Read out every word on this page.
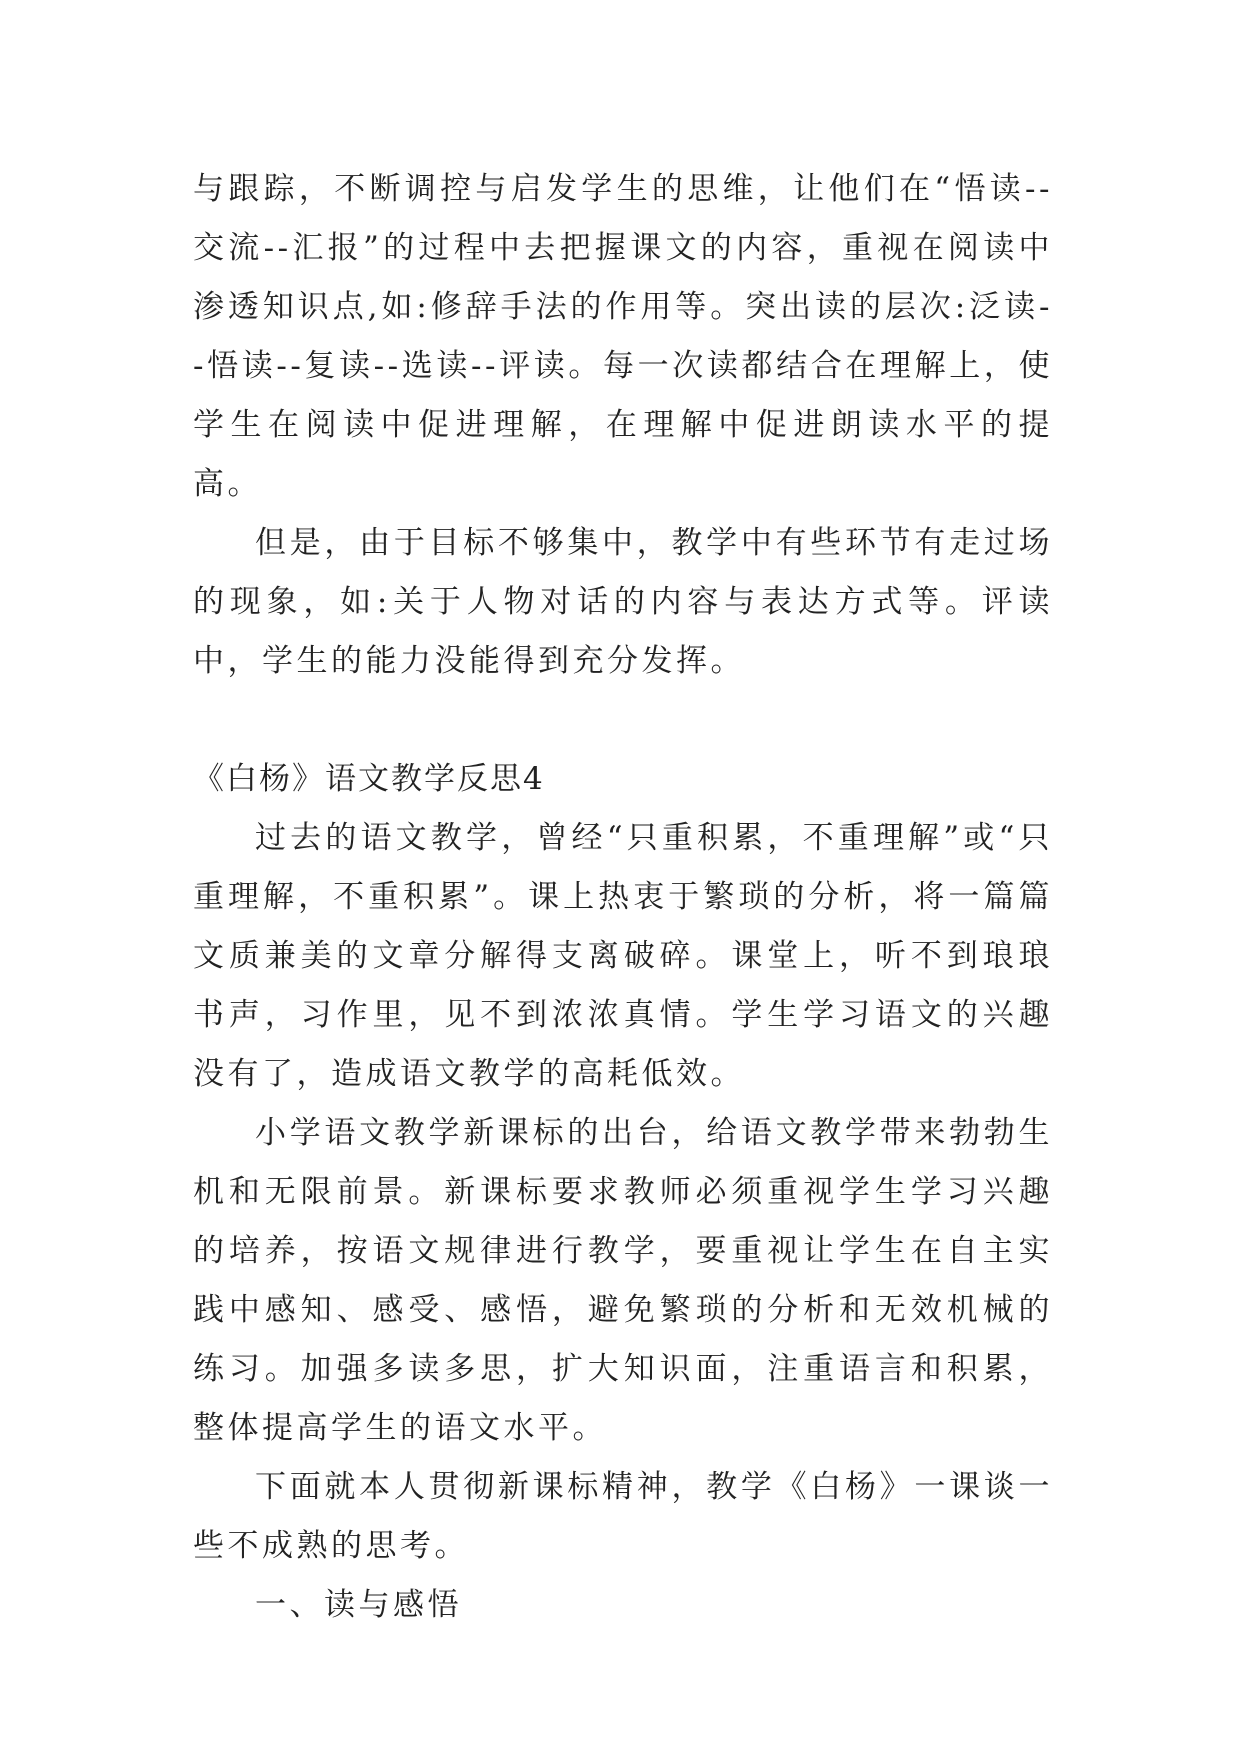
与跟踪，不断调控与启发学生的思维，让他们在“悟读--交流--汇报”的过程中去把握课文的内容，重视在阅读中渗透知识点,如:修辞手法的作用等。突出读的层次:泛读--悟读--复读--选读--评读。每一次读都结合在理解上，使学生在阅读中促进理解，在理解中促进朗读水平的提高。

但是，由于目标不够集中，教学中有些环节有走过场的现象，如:关于人物对话的内容与表达方式等。评读中，学生的能力没能得到充分发挥。

《白杨》语文教学反思4

过去的语文教学，曾经“只重积累，不重理解”或“只重理解，不重积累”。课上热衷于繁琐的分析，将一篇篇文质兼美的文章分解得支离破碎。课堂上，听不到琅琅书声，习作里，见不到浓浓真情。学生学习语文的兴趣没有了，造成语文教学的高耗低效。

小学语文教学新课标的出台，给语文教学带来勃勃生机和无限前景。新课标要求教师必须重视学生学习兴趣的培养，按语文规律进行教学，要重视让学生在自主实践中感知、感受、感悟，避免繁琐的分析和无效机械的练习。加强多读多思，扩大知识面，注重语言和积累，整体提高学生的语文水平。

下面就本人贯彻新课标精神，教学《白杨》一课谈一些不成熟的思考。

一、读与感悟
